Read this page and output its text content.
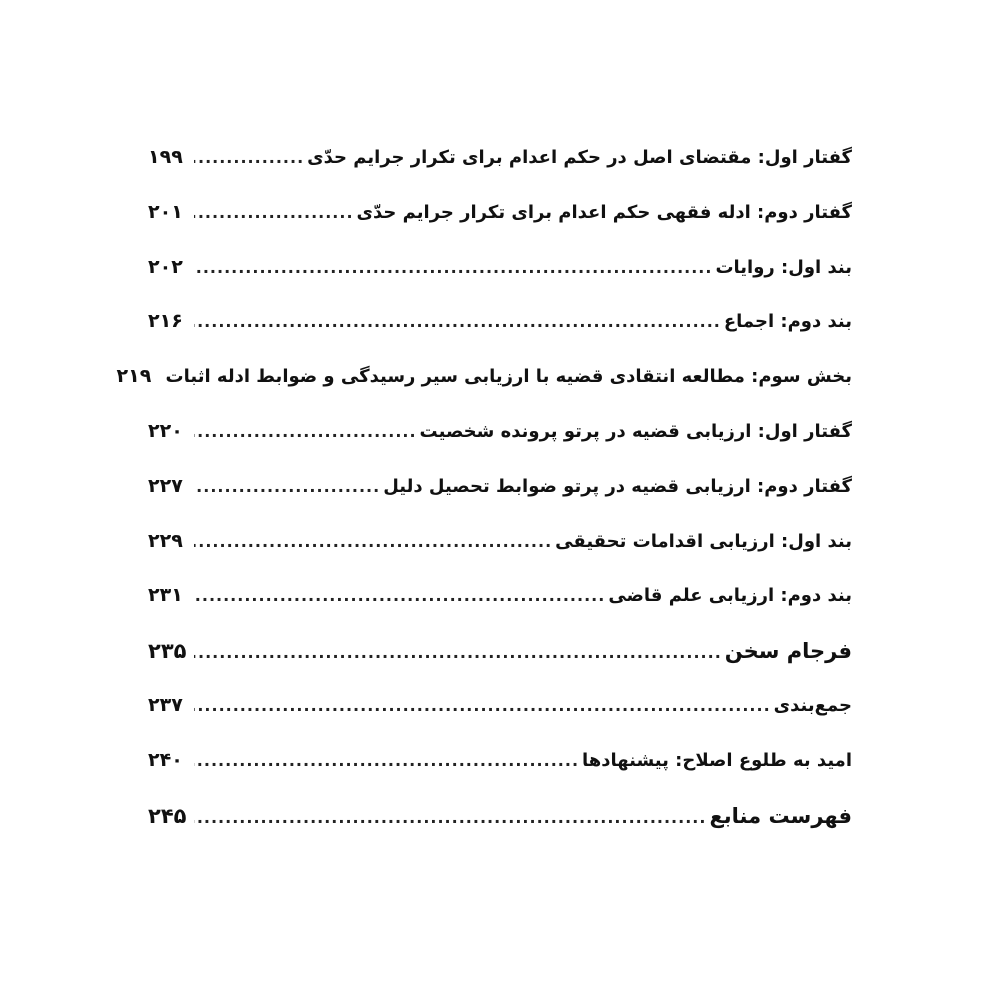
گفتار اول: مقتضای اصل در حکم اعدام برای تکرار جرایم حدّی
.....
۱۹۹
گفتار دوم: ادله فقهی حکم اعدام برای تکرار جرایم حدّی
.....
۲۰۱
بند اول: روایات
.....
۲۰۲
بند دوم: اجماع
.....
۲۱۶
بخش سوم: مطالعه انتقادی قضیه با ارزیابی سیر رسیدگی و ضوابط ادله اثبات
۲۱۹
گفتار اول: ارزیابی قضیه در پرتو پرونده شخصیت
.....
۲۲۰
گفتار دوم: ارزیابی قضیه در پرتو ضوابط تحصیل دلیل
.....
۲۲۷
بند اول: ارزیابی اقدامات تحقیقی
.....
۲۲۹
بند دوم: ارزیابی علم قاضی
.....
۲۳۱
فرجام سخن
.....
۲۳۵
جمع‌بندی
.....
۲۳۷
امید به طلوع اصلاح: پیشنهادها
.....
۲۴۰
فهرست منابع
.....
۲۴۵
